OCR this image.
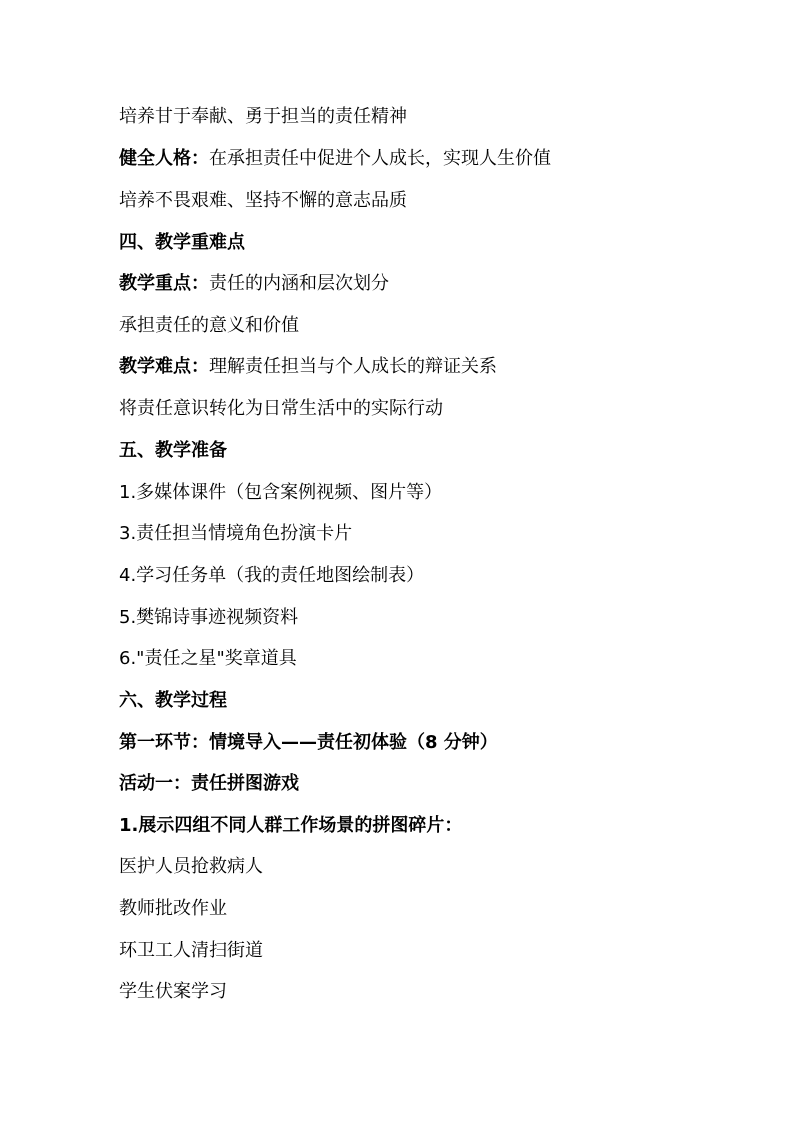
培养甘于奉献、勇于担当的责任精神
健全人格：在承担责任中促进个人成长，实现人生价值
培养不畏艰难、坚持不懈的意志品质
四、教学重难点
教学重点：责任的内涵和层次划分
承担责任的意义和价值
教学难点：理解责任担当与个人成长的辩证关系
将责任意识转化为日常生活中的实际行动
五、教学准备
1.多媒体课件（包含案例视频、图片等）
3.责任担当情境角色扮演卡片
4.学习任务单（我的责任地图绘制表）
5.樊锦诗事迹视频资料
6."责任之星"奖章道具
六、教学过程
第一环节：情境导入——责任初体验（8 分钟）
活动一：责任拼图游戏
1.展示四组不同人群工作场景的拼图碎片：
医护人员抢救病人
教师批改作业
环卫工人清扫街道
学生伏案学习
